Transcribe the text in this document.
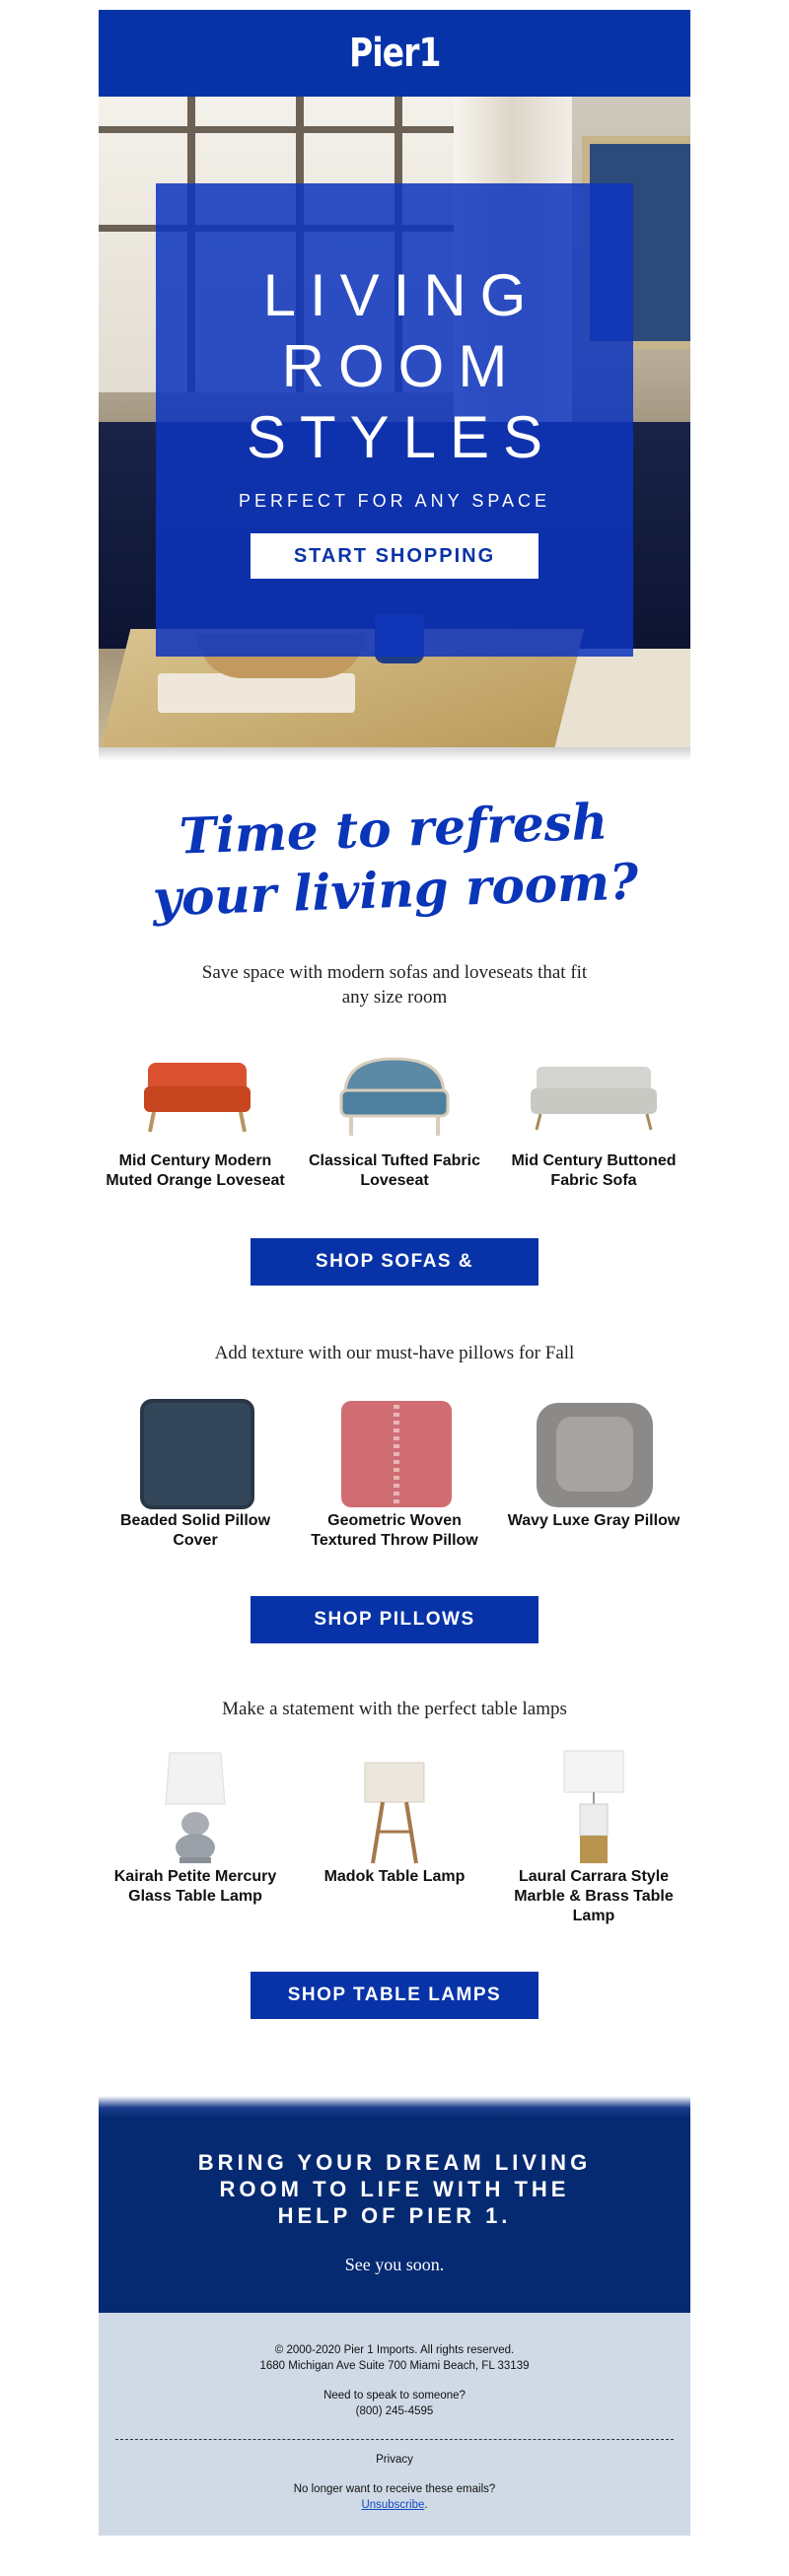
Pier1
LIVING
ROOM
STYLES
PERFECT FOR ANY SPACE
START SHOPPING
Time to refresh
your living room?
Save space with modern sofas and loveseats that fit any size room
Mid Century Modern Muted Orange Loveseat
Classical Tufted Fabric Loveseat
Mid Century Buttoned Fabric Sofa
SHOP SOFAS & SECTIONALS
Add texture with our must-have pillows for Fall
Beaded Solid Pillow Cover
Geometric Woven Textured Throw Pillow
Wavy Luxe Gray Pillow
SHOP PILLOWS
Make a statement with the perfect table lamps
Kairah Petite Mercury Glass Table Lamp
Madok Table Lamp	Laural Carrara Style Marble & Brass Table Lamp
SHOP TABLE LAMPS
BRING YOUR DREAM LIVING ROOM TO LIFE WITH THE HELP OF PIER 1.
See you soon.
© 2000-2020 Pier 1 Imports. All rights reserved.
1680 Michigan Ave Suite 700 Miami Beach, FL 33139
Need to speak to someone?
(800) 245-4595
Privacy
No longer want to receive these emails?
Unsubscribe.
